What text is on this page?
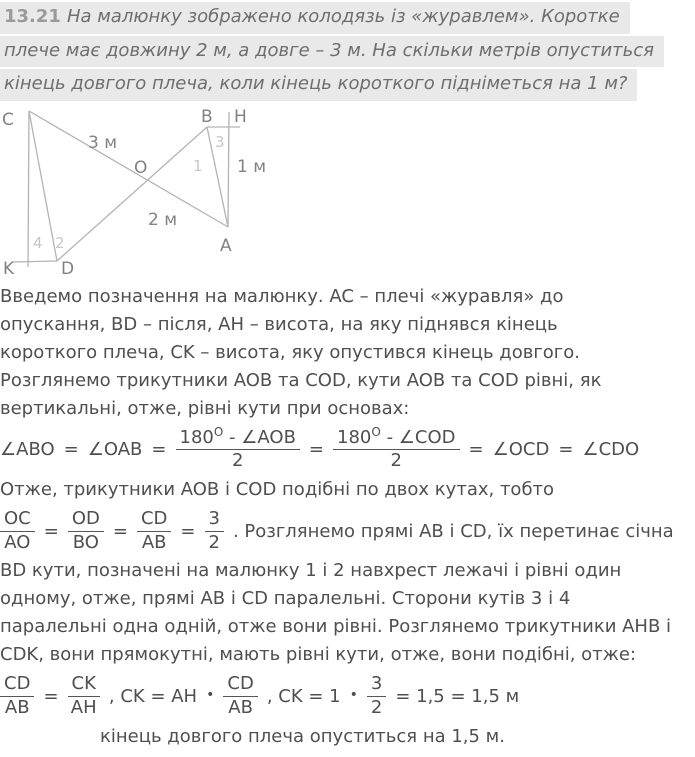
13.21 На малюнку зображено колодязь із «журавлем». Коротке
плече має довжину 2 м, а довге – 3 м. На скільки метрів опуститься
кінець довгого плеча, коли кінець короткого підніметься на 1 м?
C	B H
O
A
K	D
3 м
2 м
1 м
1
2
3
4
Введемо позначення на малюнку. AC – плечі «журавля» до
опускання, BD – після, AH – висота, на яку піднявся кінець
короткого плеча, CK – висота, яку опустився кінець довгого.
Розглянемо трикутники AOB та COD, кути AOB та COD рівні, як
вертикальні, отже, рівні кути при основах:
∠ABO = ∠OAB = $\frac{180^O - \angle AOB}{2} = \frac{180^O - \angle COD}{2}$ = ∠OCD = ∠CDO
Отже, трикутники AOB і COD подібні по двох кутах, тобто
$\frac{OC}{AO} = \frac{OD}{BO} = \frac{CD}{AB} = \frac{3}{2}$ . Розглянемо прямі AB і CD, їх перетинає січна
BD кути, позначені на малюнку 1 і 2 навхрест лежачі і рівні один
одному, отже, прямі AB і CD паралельні. Сторони кутів 3 і 4
паралельні одна одній, отже вони рівні. Розглянемо трикутники AHB і
CDK, вони прямокутні, мають рівні кути, отже, вони подібні, отже:
$\frac{CD}{AB} = \frac{CK}{AH}$ , CK = AH • $\frac{CD}{AB}$ , CK = 1 • $\frac{3}{2} = 1,5 = 1,5$ м
кінець довгого плеча опуститься на 1,5 м.
